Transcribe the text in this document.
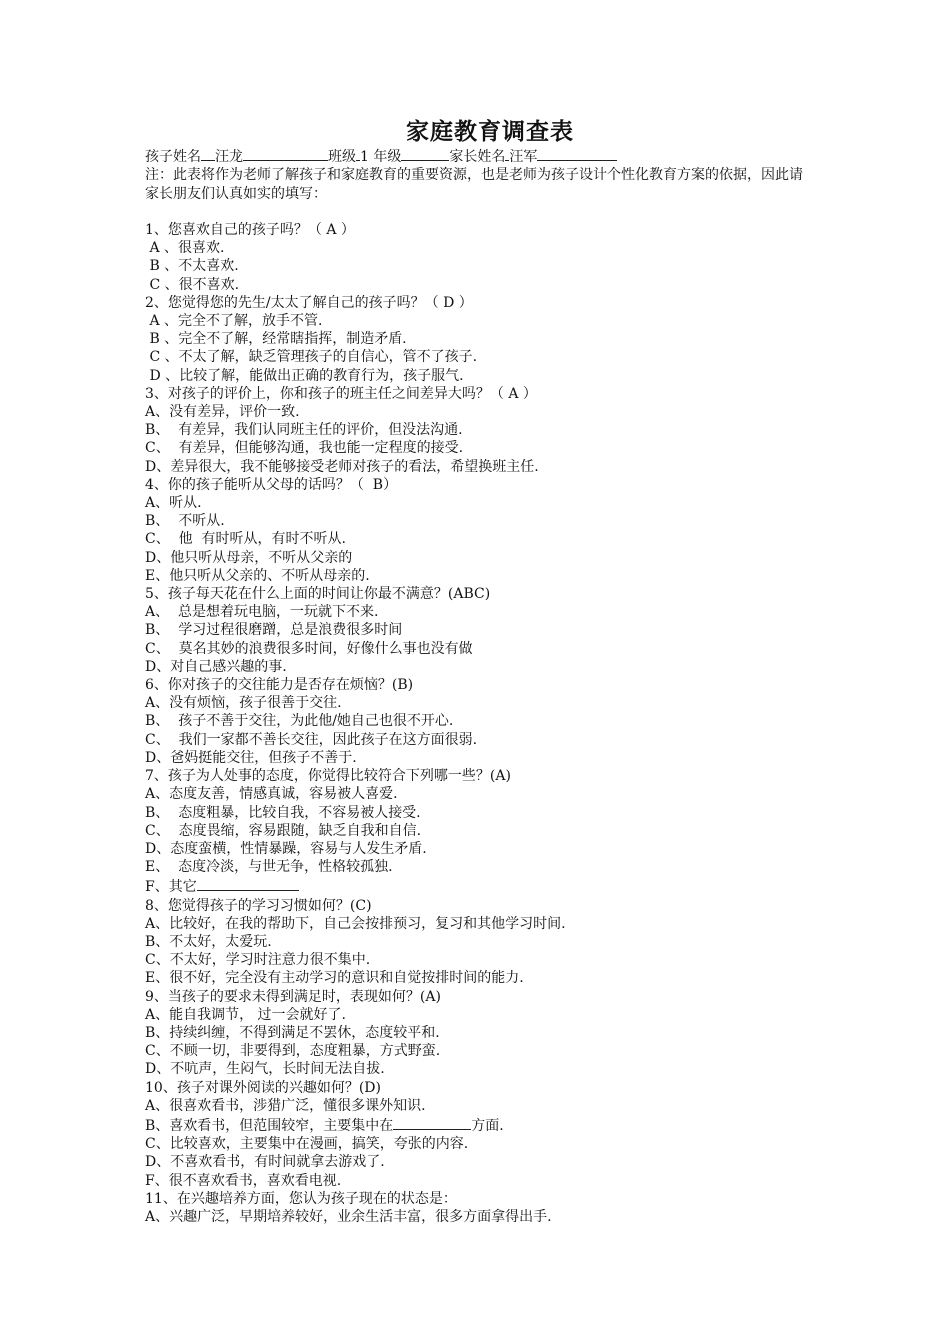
家庭教育调查表
孩子姓名 汪龙	班级 1 年级	家长姓名 汪军
注：此表将作为老师了解孩子和家庭教育的重要资源，也是老师为孩子设计个性化教育方案的依据，因此请家长朋友们认真如实的填写：
1、您喜欢自己的孩子吗？（ A ）
A 、很喜欢.
B 、不太喜欢.
C 、很不喜欢.
2、您觉得您的先生/太太了解自己的孩子吗？（ D ）
A 、完全不了解，放手不管.
B 、完全不了解，经常瞎指挥，制造矛盾.
C 、不太了解，缺乏管理孩子的自信心，管不了孩子.
D 、比较了解，能做出正确的教育行为，孩子服气.
3、对孩子的评价上，你和孩子的班主任之间差异大吗？（ A ）
A、没有差异，评价一致.
B、  有差异，我们认同班主任的评价，但没法沟通.
C、  有差异，但能够沟通，我也能一定程度的接受.
D、差异很大，我不能够接受老师对孩子的看法，希望换班主任.
4、你的孩子能听从父母的话吗？（  B）
A、听从.
B、  不听从.
C、  他  有时听从，有时不听从.
D、他只听从母亲，不听从父亲的
E、他只听从父亲的、不听从母亲的.
5、孩子每天花在什么上面的时间让你最不满意？(ABC)
A、  总是想着玩电脑，一玩就下不来.
B、  学习过程很磨蹭，总是浪费很多时间
C、  莫名其妙的浪费很多时间，好像什么事也没有做
D、对自己感兴趣的事.
6、你对孩子的交往能力是否存在烦恼？(B)
A、没有烦恼，孩子很善于交往.
B、  孩子不善于交往，为此他/她自己也很不开心.
C、  我们一家都不善长交往，因此孩子在这方面很弱.
D、爸妈挺能交往，但孩子不善于.
7、孩子为人处事的态度，你觉得比较符合下列哪一些？(A)
A、态度友善，情感真诚，容易被人喜爱.
B、  态度粗暴，比较自我，不容易被人接受.
C、  态度畏缩，容易跟随，缺乏自我和自信.
D、态度蛮横，性情暴躁，容易与人发生矛盾.
E、  态度冷淡，与世无争，性格较孤独.
F、其它
8、您觉得孩子的学习习惯如何？(C)
A、比较好，在我的帮助下，自己会按排预习，复习和其他学习时间.
B、不太好，太爱玩.
C、不太好，学习时注意力很不集中.
E、很不好，完全没有主动学习的意识和自觉按排时间的能力.
9、当孩子的要求未得到满足时，表现如何？(A)
A、能自我调节， 过一会就好了.
B、持续纠缠，不得到满足不罢休，态度较平和.
C、不顾一切，非要得到，态度粗暴，方式野蛮.
D、不吭声，生闷气，长时间无法自拔.
10、孩子对课外阅读的兴趣如何？(D)
A、很喜欢看书，涉猎广泛，懂很多课外知识.
B、喜欢看书，但范围较窄，主要集中在	方面.
C、比较喜欢，主要集中在漫画，搞笑，夸张的内容.
D、不喜欢看书，有时间就拿去游戏了.
F、很不喜欢看书，喜欢看电视.
11、在兴趣培养方面，您认为孩子现在的状态是：
A、兴趣广泛，早期培养较好，业余生活丰富，很多方面拿得出手.
